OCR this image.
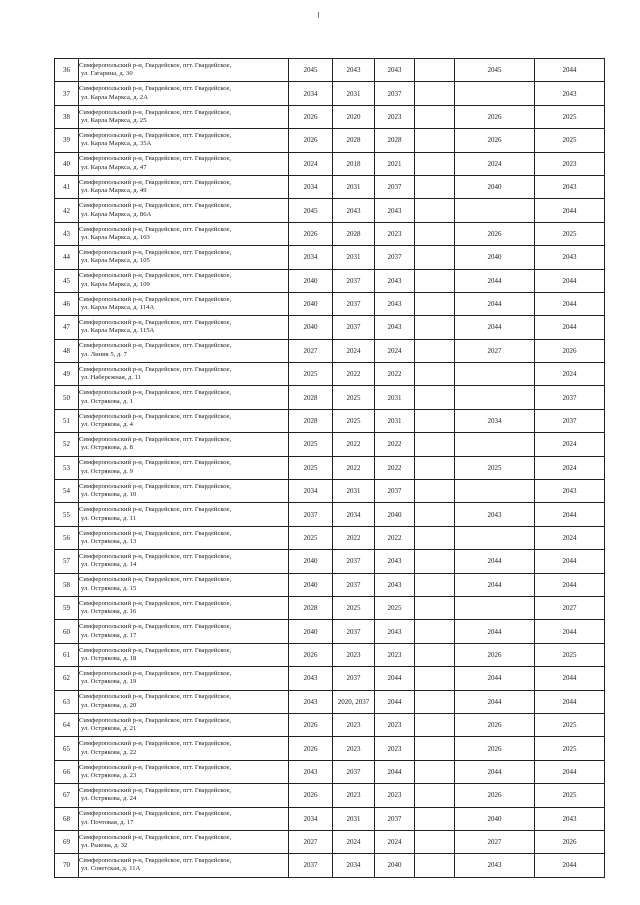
36	Симферопольский р-н, Гвардейское, пгт. Гвардейское,
ул. Гагарина, д. 30	2045	2043	2043		2045	2044
37	Симферопольский р-н, Гвардейское, пгт. Гвардейское,
ул. Карла Маркса, д. 2А	2034	2031	2037			2043
38	Симферопольский р-н, Гвардейское, пгт. Гвардейское,
ул. Карла Маркса, д. 25	2026	2020	2023		2026	2025
39	Симферопольский р-н, Гвардейское, пгт. Гвардейское,
ул. Карла Маркса, д. 35А	2026	2028	2028		2026	2025
40	Симферопольский р-н, Гвардейское, пгт. Гвардейское,
ул. Карла Маркса, д. 47	2024	2018	2021		2024	2023
41	Симферопольский р-н, Гвардейское, пгт. Гвардейское,
ул. Карла Маркса, д. 49	2034	2031	2037		2040	2043
42	Симферопольский р-н, Гвардейское, пгт. Гвардейское,
ул. Карла Маркса, д. 86А	2045	2043	2043			2044
43	Симферопольский р-н, Гвардейское, пгт. Гвардейское,
ул. Карла Маркса, д. 103	2026	2028	2023		2026	2025
44	Симферопольский р-н, Гвардейское, пгт. Гвардейское,
ул. Карла Маркса, д. 105	2034	2031	2037		2040	2043
45	Симферопольский р-н, Гвардейское, пгт. Гвардейское,
ул. Карла Маркса, д. 109	2040	2037	2043		2044	2044
46	Симферопольский р-н, Гвардейское, пгт. Гвардейское,
ул. Карла Маркса, д. 114А	2040	2037	2043		2044	2044
47	Симферопольский р-н, Гвардейское, пгт. Гвардейское,
ул. Карла Маркса, д. 115А	2040	2037	2043		2044	2044
48	Симферопольский р-н, Гвардейское, пгт. Гвардейское,
ул. Линия 5, д. 7	2027	2024	2024		2027	2026
49	Симферопольский р-н, Гвардейское, пгт. Гвардейское,
ул. Набережная, д. 11	2025	2022	2022			2024
50	Симферопольский р-н, Гвардейское, пгт. Гвардейское,
ул. Острякова, д. 1	2028	2025	2031			2037
51	Симферопольский р-н, Гвардейское, пгт. Гвардейское,
ул. Острякова, д. 4	2028	2025	2031		2034	2037
52	Симферопольский р-н, Гвардейское, пгт. Гвардейское,
ул. Острякова, д. 8	2025	2022	2022			2024
53	Симферопольский р-н, Гвардейское, пгт. Гвардейское,
ул. Острякова, д. 9	2025	2022	2022		2025	2024
54	Симферопольский р-н, Гвардейское, пгт. Гвардейское,
ул. Острякова, д. 10	2034	2031	2037			2043
55	Симферопольский р-н, Гвардейское, пгт. Гвардейское,
ул. Острякова, д. 11	2037	2034	2040		2043	2044
56	Симферопольский р-н, Гвардейское, пгт. Гвардейское,
ул. Острякова, д. 13	2025	2022	2022			2024
57	Симферопольский р-н, Гвардейское, пгт. Гвардейское,
ул. Острякова, д. 14	2040	2037	2043		2044	2044
58	Симферопольский р-н, Гвардейское, пгт. Гвардейское,
ул. Острякова, д. 15	2040	2037	2043		2044	2044
59	Симферопольский р-н, Гвардейское, пгт. Гвардейское,
ул. Острякова, д. 16	2028	2025	2025			2027
60	Симферопольский р-н, Гвардейское, пгт. Гвардейское,
ул. Острякова, д. 17	2040	2037	2043		2044	2044
61	Симферопольский р-н, Гвардейское, пгт. Гвардейское,
ул. Острякова, д. 18	2026	2023	2023		2026	2025
62	Симферопольский р-н, Гвардейское, пгт. Гвардейское,
ул. Острякова, д. 19	2043	2037	2044		2044	2044
63	Симферопольский р-н, Гвардейское, пгт. Гвардейское,
ул. Острякова, д. 20	2043	2020, 2037	2044		2044	2044
64	Симферопольский р-н, Гвардейское, пгт. Гвардейское,
ул. Острякова, д. 21	2026	2023	2023		2026	2025
65	Симферопольский р-н, Гвардейское, пгт. Гвардейское,
ул. Острякова, д. 22	2026	2023	2023		2026	2025
66	Симферопольский р-н, Гвардейское, пгт. Гвардейское,
ул. Острякова, д. 23	2043	2037	2044		2044	2044
67	Симферопольский р-н, Гвардейское, пгт. Гвардейское,
ул. Острякова, д. 24	2026	2023	2023		2026	2025
68	Симферопольский р-н, Гвардейское, пгт. Гвардейское,
ул. Почтовая, д. 17	2034	2031	2037		2040	2043
69	Симферопольский р-н, Гвардейское, пгт. Гвардейское,
ул. Рыкова, д. 32	2027	2024	2024		2027	2026
70	Симферопольский р-н, Гвардейское, пгт. Гвардейское,
ул. Советская, д. 11А	2037	2034	2040		2043	2044
